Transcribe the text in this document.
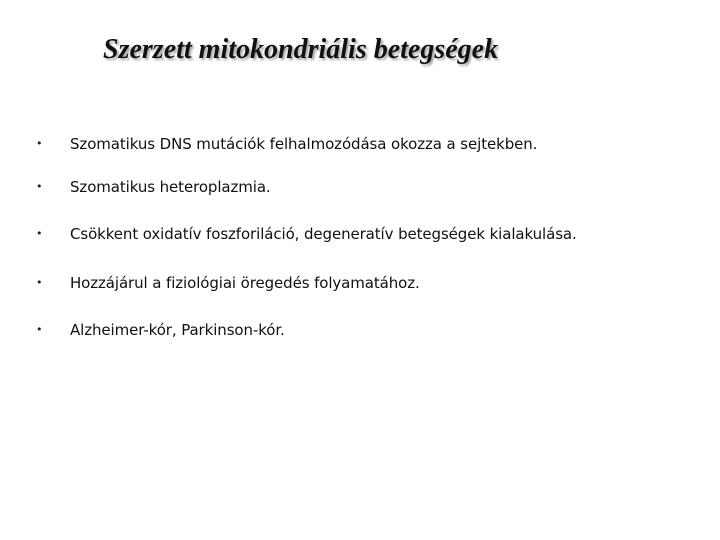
Szerzett mitokondriális betegségek
• Szomatikus DNS mutációk felhalmozódása okozza a sejtekben.
• Szomatikus heteroplazmia.
• Csökkent oxidatív foszforiláció, degeneratív betegségek kialakulása.
• Hozzájárul a fiziológiai öregedés folyamatához.
• Alzheimer-kór, Parkinson-kór.
